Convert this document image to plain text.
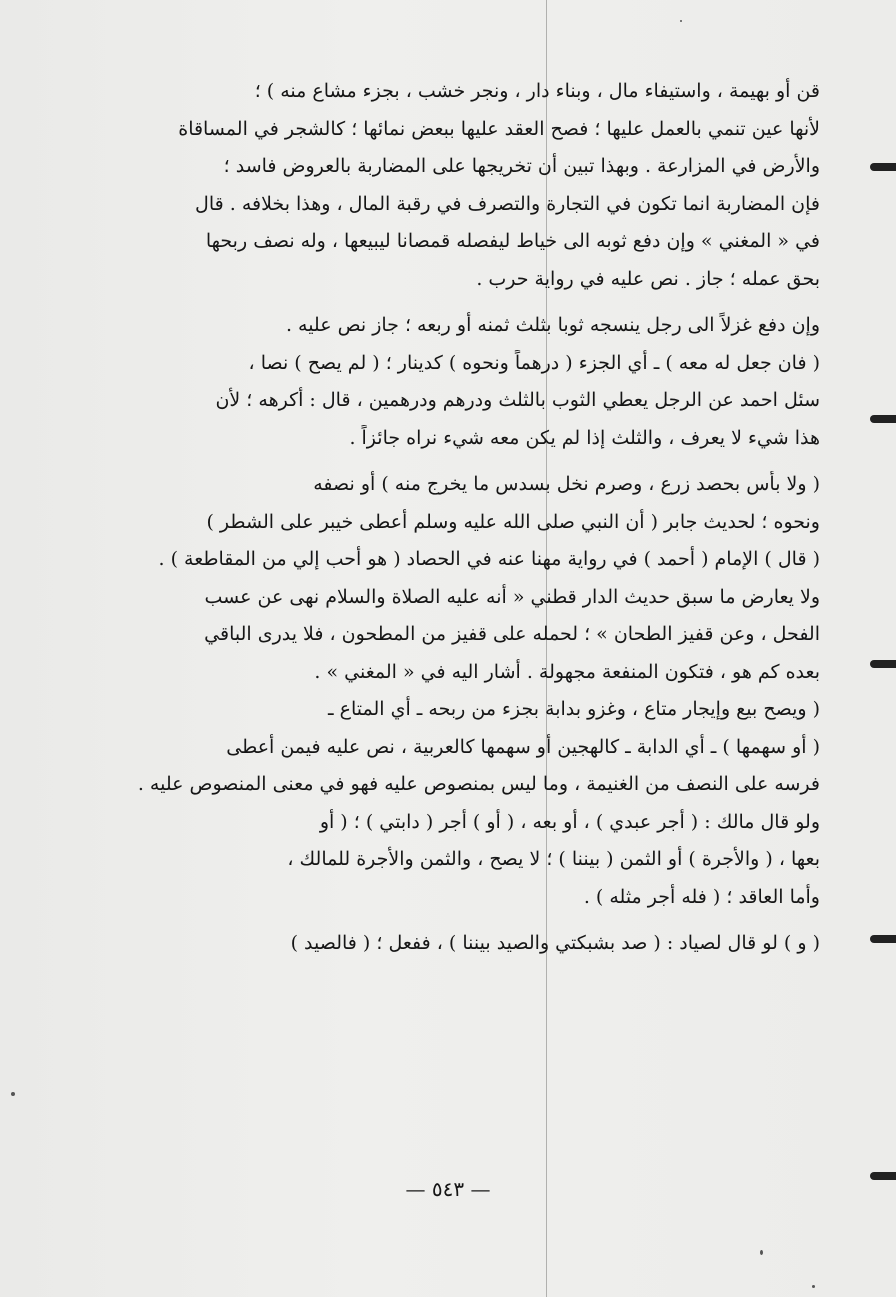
قن أو بهيمة ، واستيفاء مال ، وبناء دار ، ونجر خشب ، بجزء مشاع منه ) ؛
لأنها عين تنمي بالعمل عليها ؛ فصح العقد عليها ببعض نمائها ؛ كالشجر في المساقاة
والأرض في المزارعة . وبهذا تبين أن تخريجها على المضاربة بالعروض فاسد ؛
فإن المضاربة انما تكون في التجارة والتصرف في رقبة المال ، وهذا بخلافه . قال
في « المغني » وإن دفع ثوبه الى خياط ليفصله قمصانا ليبيعها ، وله نصف ربحها
بحق عمله ؛ جاز . نص عليه في رواية حرب .
وإن دفع غزلاً الى رجل ينسجه ثوبا بثلث ثمنه أو ربعه ؛ جاز نص عليه .
( فان جعل له معه ) ـ أي الجزء ( درهماً ونحوه ) كدينار ؛ ( لم يصح ) نصا ،
سئل احمد عن الرجل يعطي الثوب بالثلث ودرهم ودرهمين ، قال : أكرهه ؛ لأن
هذا شيء لا يعرف ، والثلث إذا لم يكن معه شيء نراه جائزاً .
( ولا بأس بحصد زرع ، وصرم نخل بسدس ما يخرج منه ) أو نصفه
ونحوه ؛ لحديث جابر ( أن النبي صلى الله عليه وسلم أعطى خيبر على الشطر )
( قال ) الإمام ( أحمد ) في رواية مهنا عنه في الحصاد ( هو أحب إلي من المقاطعة ) .
ولا يعارض ما سبق حديث الدار قطني « أنه عليه الصلاة والسلام نهى عن عسب
الفحل ، وعن قفيز الطحان » ؛ لحمله على قفيز من المطحون ، فلا يدرى الباقي
بعده كم هو ، فتكون المنفعة مجهولة . أشار اليه في « المغني » .
( ويصح بيع وإيجار متاع ، وغزو بدابة بجزء من ربحه ـ أي المتاع ـ
( أو سهمها ) ـ أي الدابة ـ كالهجين أو سهمها كالعربية ، نص عليه فيمن أعطى
فرسه على النصف من الغنيمة ، وما ليس بمنصوص عليه فهو في معنى المنصوص عليه .
ولو قال مالك : ( أجر عبدي ) ، أو بعه ، ( أو ) أجر ( دابتي ) ؛ ( أو
بعها ، ( والأجرة ) أو الثمن ( بيننا ) ؛ لا يصح ، والثمن والأجرة للمالك ،
وأما العاقد ؛ ( فله أجر مثله ) .
( و ) لو قال لصياد : ( صد بشبكتي والصيد بيننا ) ، ففعل ؛ ( فالصيد )
— ٥٤٣ —
